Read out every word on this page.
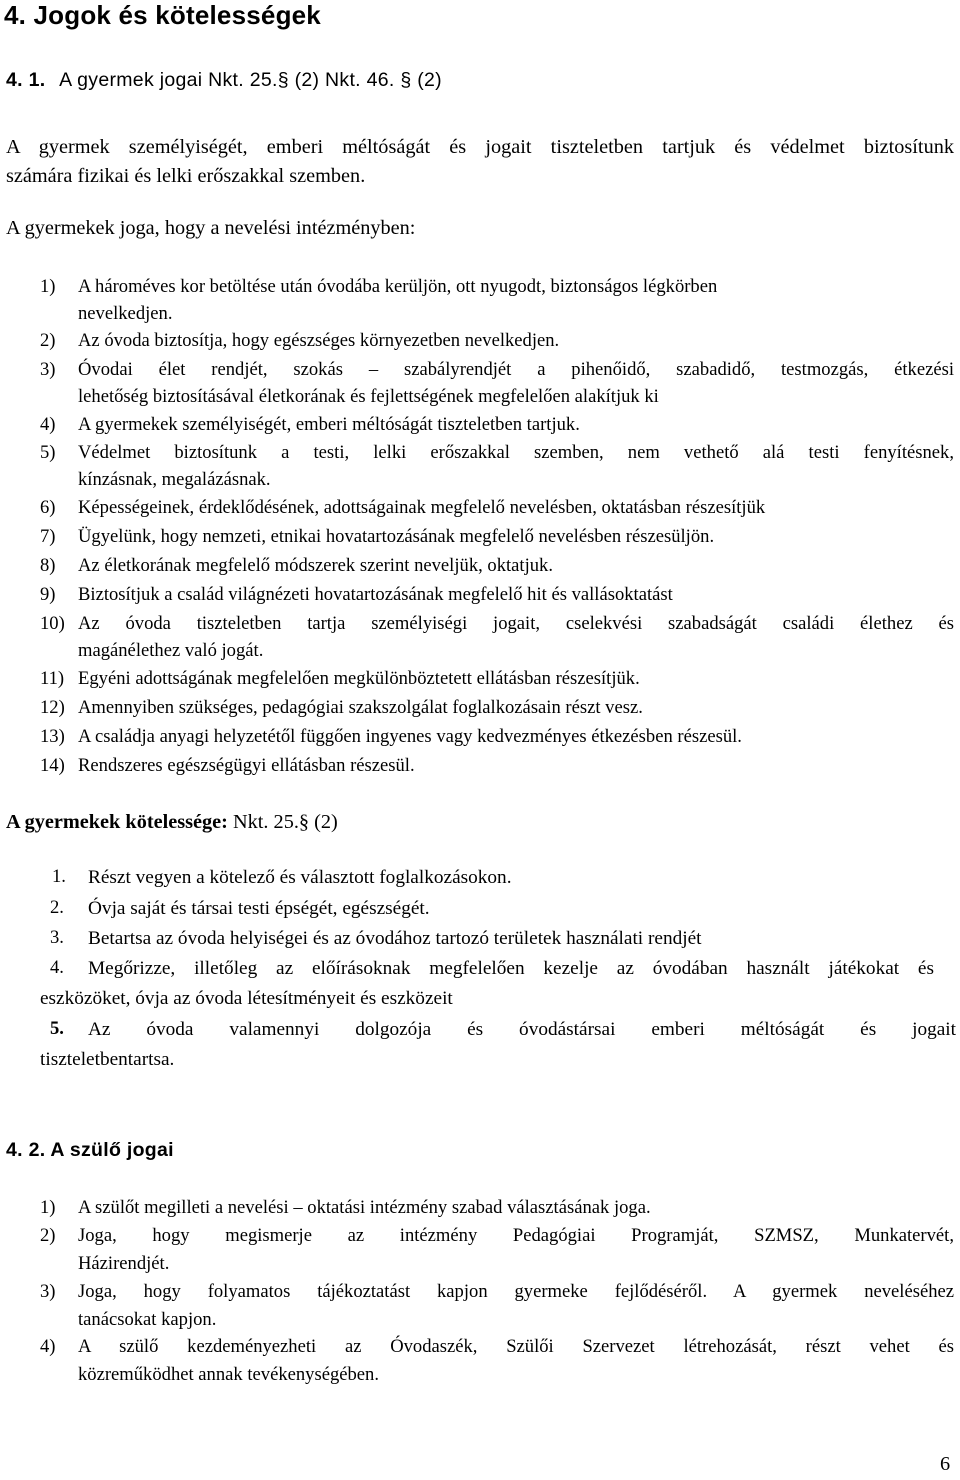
4. Jogok és kötelességek
4. 1. A gyermek jogai Nkt. 25.§ (2) Nkt. 46. § (2)
A gyermek személyiségét, emberi méltóságát és jogait tiszteletben tartjuk és védelmet biztosítunk
számára fizikai és lelki erőszakkal szemben.
A gyermekek joga, hogy a nevelési intézményben:
1) A hároméves kor betöltése után óvodába kerüljön, ott nyugodt, biztonságos légkörben
nevelkedjen.
2) Az óvoda biztosítja, hogy egészséges környezetben nevelkedjen.
3) Óvodai élet rendjét, szokás – szabályrendjét a pihenőidő, szabadidő, testmozgás, étkezési
lehetőség biztosításával életkorának és fejlettségének megfelelően alakítjuk ki
4) A gyermekek személyiségét, emberi méltóságát tiszteletben tartjuk.
5) Védelmet biztosítunk a testi, lelki erőszakkal szemben, nem vethető alá testi fenyítésnek,
kínzásnak, megalázásnak.
6) Képességeinek, érdeklődésének, adottságainak megfelelő nevelésben, oktatásban részesítjük
7) Ügyelünk, hogy nemzeti, etnikai hovatartozásának megfelelő nevelésben részesüljön.
8) Az életkorának megfelelő módszerek szerint neveljük, oktatjuk.
9) Biztosítjuk a család világnézeti hovatartozásának megfelelő hit és vallásoktatást
10) Az óvoda tiszteletben tartja személyiségi jogait, cselekvési szabadságát családi élethez és
magánélethez való jogát.
11) Egyéni adottságának megfelelően megkülönböztetett ellátásban részesítjük.
12) Amennyiben szükséges, pedagógiai szakszolgálat foglalkozásain részt vesz.
13) A családja anyagi helyzetétől függően ingyenes vagy kedvezményes étkezésben részesül.
14) Rendszeres egészségügyi ellátásban részesül.
A gyermekek kötelessége: Nkt. 25.§ (2)
1. Részt vegyen a kötelező és választott foglalkozásokon.
2. Óvja saját és társai testi épségét, egészségét.
3. Betartsa az óvoda helyiségei és az óvodához tartozó területek használati rendjét
4. Megőrizze, illetőleg az előírásoknak megfelelően kezelje az óvodában használt játékokat és
eszközöket, óvja az óvoda létesítményeit és eszközeit
5. Az óvoda valamennyi dolgozója és óvodástársai emberi méltóságát és jogait
tiszteletbentartsa.
4. 2. A szülő jogai
1) A szülőt megilleti a nevelési – oktatási intézmény szabad választásának joga.
2) Joga, hogy megismerje az intézmény Pedagógiai Programját, SZMSZ, Munkatervét,
Házirendjét.
3) Joga, hogy folyamatos tájékoztatást kapjon gyermeke fejlődéséről. A gyermek neveléséhez
tanácsokat kapjon.
4) A szülő kezdeményezheti az Óvodaszék, Szülői Szervezet létrehozását, részt vehet és
közreműködhet annak tevékenységében.
6
